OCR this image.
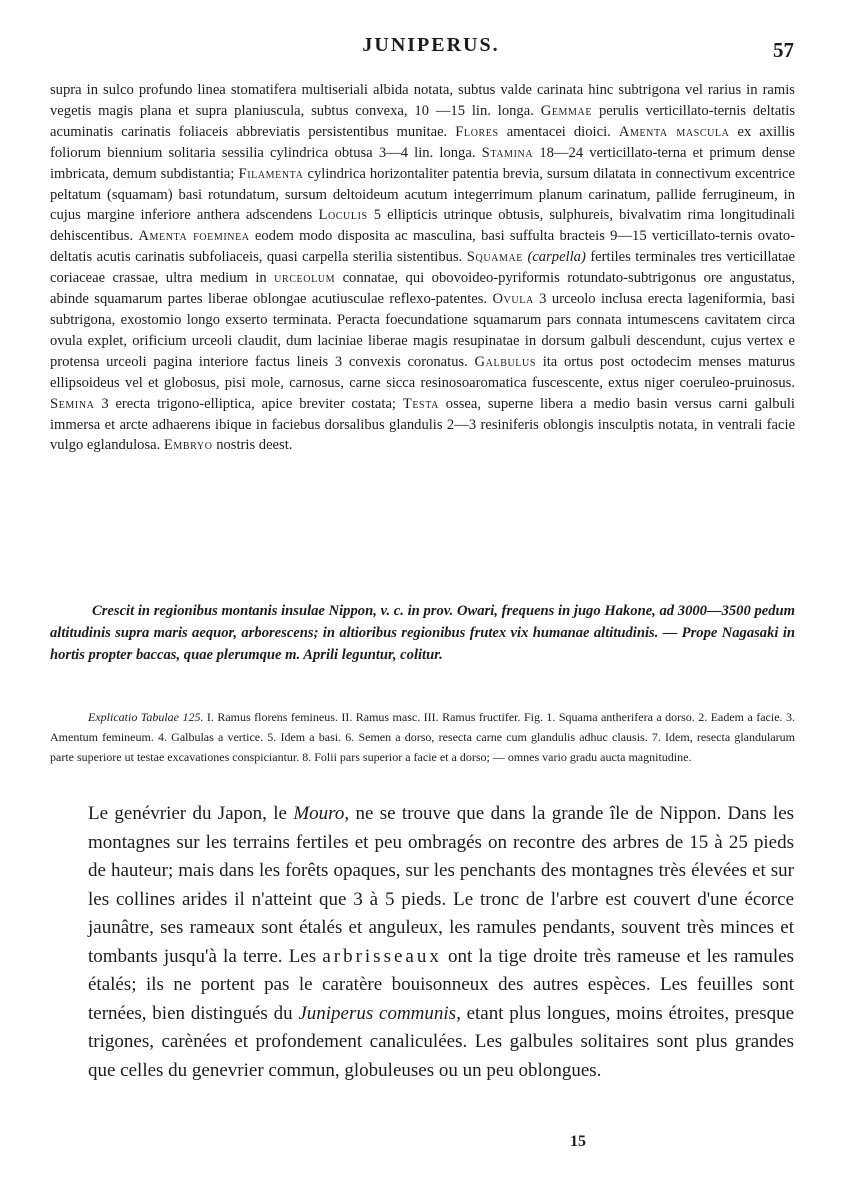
JUNIPERUS.	57

supra in sulco profundo linea stomatifera multiseriali albida notata, subtus valde carinata hinc subtrigona vel rarius in ramis vegetis magis plana et supra planiuscula, subtus convexa, 10 —15 lin. longa. Gemmae perulis verticillato-ternis deltatis acuminatis carinatis foliaceis abbreviatis persistentibus munitae. Flores amentacei dioici. Amenta mascula ex axillis foliorum biennium solitaria sessilia cylindrica obtusa 3—4 lin. longa. Stamina 18—24 verticillato-terna et primum dense imbricata, demum subdistantia; Filamenta cylindrica horizontaliter patentia brevia, sursum dilatata in connectivum excentrice peltatum (squamam) basi rotundatum, sursum deltoideum acutum integerrimum planum carinatum, pallide ferrugineum, in cujus margine inferiore anthera adscendens Loculis 5 ellipticis utrinque obtusis, sulphureis, bivalvatim rima longitudinali dehiscentibus. Amenta foeminea eodem modo disposita ac masculina, basi suffulta bracteis 9—15 verticillato-ternis ovato-deltatis acutis carinatis subfoliaceis, quasi carpella sterilia sistentibus. Squamae (carpella) fertiles terminales tres verticillatae coriaceae crassae, ultra medium in urceolum connatae, qui obovoideo-pyriformis rotundato-subtrigonus ore angustatus, abinde squamarum partes liberae oblongae acutiusculae reflexo-patentes. Ovula 3 urceolo inclusa erecta lageniformia, basi subtrigona, exostomio longo exserto terminata. Peracta foecundatione squamarum pars connata intumescens cavitatem circa ovula explet, orificium urceoli claudit, dum laciniae liberae magis resupinatae in dorsum galbuli descendunt, cujus vertex e protensa urceoli pagina interiore factus lineis 3 convexis coronatus. Galbulus ita ortus post octodecim menses maturus ellipsoideus vel et globosus, pisi mole, carnosus, carne sicca resinosoaromatica fuscescente, extus niger coeruleo-pruinosus. Semina 3 erecta trigono-elliptica, apice breviter costata; Testa ossea, superne libera a medio basin versus carni galbuli immersa et arcte adhaerens ibique in faciebus dorsalibus glandulis 2—3 resiniferis oblongis insculptis notata, in ventrali facie vulgo eglandulosa. Embryo nostris deest.

Crescit in regionibus montanis insulae Nippon, v. c. in prov. Owari, frequens in jugo Hakone, ad 3000—3500 pedum altitudinis supra maris aequor, arborescens; in altioribus regionibus frutex vix humanae altitudinis. — Prope Nagasaki in hortis propter baccas, quae plerumque m. Aprili leguntur, colitur.
Explicatio Tabulae 125. I. Ramus florens femineus. II. Ramus masc. III. Ramus fructifer. Fig. 1. Squama antherifera a dorso. 2. Eadem a facie. 3. Amentum femineum. 4. Galbulas a vertice. 5. Idem a basi. 6. Semen a dorso, resecta carne cum glandulis adhuc clausis. 7. Idem, resecta glandularum parte superiore ut testae excavationes conspiciantur. 8. Folii pars superior a facie et a dorso; — omnes vario gradu aucta magnitudine.
Le genévrier du Japon, le Mouro, ne se trouve que dans la grande île de Nippon. Dans les montagnes sur les terrains fertiles et peu ombragés on recontre des arbres de 15 à 25 pieds de hauteur; mais dans les forêts opaques, sur les penchants des montagnes très élevées et sur les collines arides il n'atteint que 3 à 5 pieds. Le tronc de l'arbre est couvert d'une écorce jaunâtre, ses rameaux sont étalés et anguleux, les ramules pendants, souvent très minces et tombants jusqu'à la terre. Les arbrisseaux ont la tige droite très rameuse et les ramules étalés; ils ne portent pas le caratère bouisonneux des autres espèces. Les feuilles sont ternées, bien distingués du Juniperus communis, etant plus longues, moins étroites, presque trigones, carènées et profondement canaliculées. Les galbules solitaires sont plus grandes que celles du genevrier commun, globuleuses ou un peu oblongues.
15
